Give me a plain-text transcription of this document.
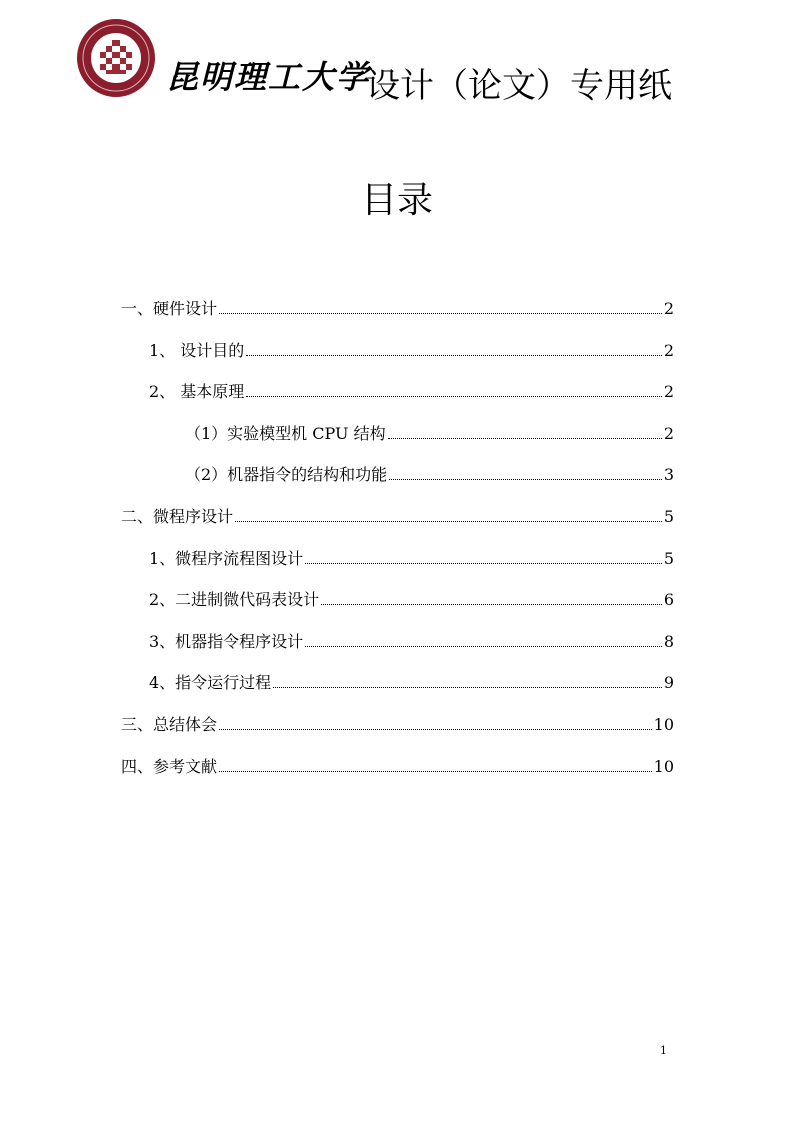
昆明理工大学
设计（论文）专用纸
目录
一、硬件设计	2
1、 设计目的	2
2、 基本原理	2
（1）实验模型机 CPU 结构	2
（2）机器指令的结构和功能	3
二、微程序设计	5
1、微程序流程图设计	5
2、二进制微代码表设计	6
3、机器指令程序设计	8
4、指令运行过程	9
三、总结体会	10
四、参考文献	10
1
